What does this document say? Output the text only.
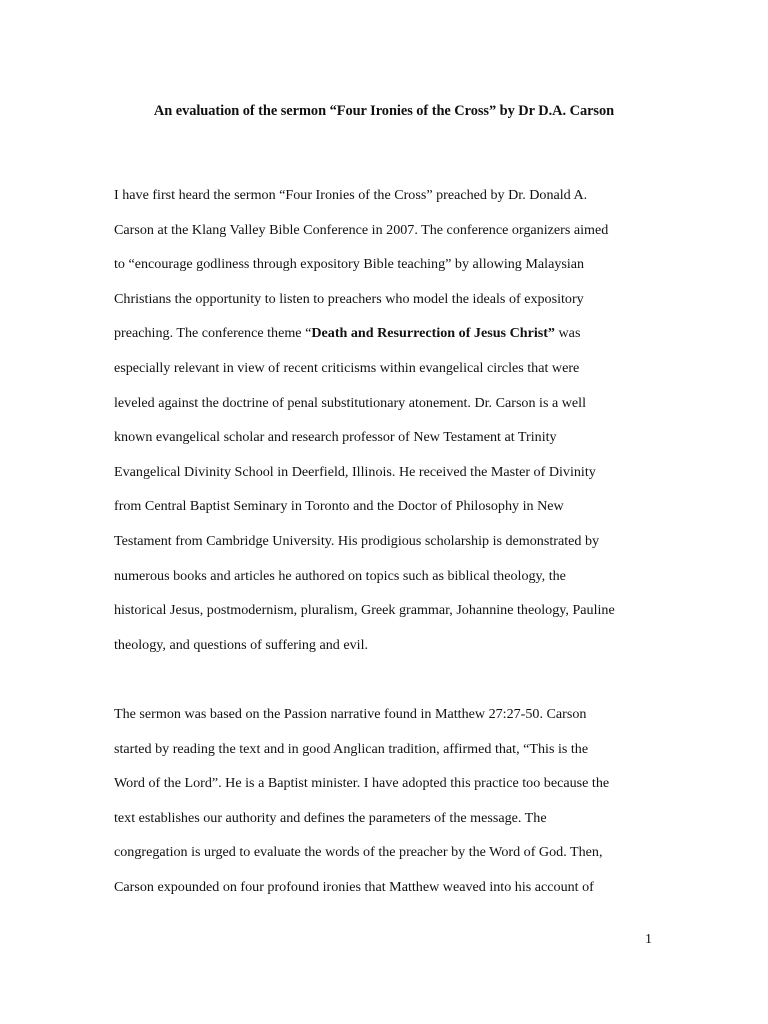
An evaluation of the sermon “Four Ironies of the Cross” by Dr D.A. Carson
I have first heard the sermon “Four Ironies of the Cross” preached by Dr. Donald A.
Carson at the Klang Valley Bible Conference in 2007. The conference organizers aimed
to “encourage godliness through expository Bible teaching” by allowing Malaysian
Christians the opportunity to listen to preachers who model the ideals of expository
preaching. The conference theme “Death and Resurrection of Jesus Christ” was
especially relevant in view of recent criticisms within evangelical circles that were
leveled against the doctrine of penal substitutionary atonement. Dr. Carson is a well
known evangelical scholar and research professor of New Testament at Trinity
Evangelical Divinity School in Deerfield, Illinois. He received the Master of Divinity
from Central Baptist Seminary in Toronto and the Doctor of Philosophy in New
Testament from Cambridge University. His prodigious scholarship is demonstrated by
numerous books and articles he authored on topics such as biblical theology, the
historical Jesus, postmodernism, pluralism, Greek grammar, Johannine theology, Pauline
theology, and questions of suffering and evil.
The sermon was based on the Passion narrative found in Matthew 27:27-50. Carson
started by reading the text and in good Anglican tradition, affirmed that, “This is the
Word of the Lord”. He is a Baptist minister. I have adopted this practice too because the
text establishes our authority and defines the parameters of the message. The
congregation is urged to evaluate the words of the preacher by the Word of God. Then,
Carson expounded on four profound ironies that Matthew weaved into his account of
1
